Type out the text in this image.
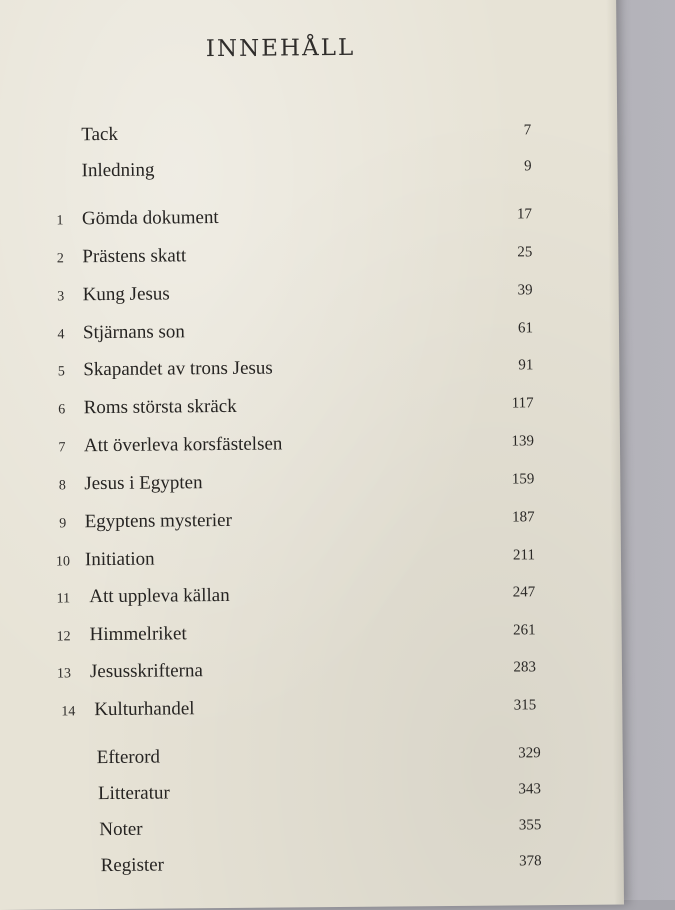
INNEHÅLL
Tack	7
Inledning	9
1 Gömda dokument	17
2 Prästens skatt	25
3 Kung Jesus	39
4 Stjärnans son	61
5 Skapandet av trons Jesus	91
6 Roms största skräck	117
7 Att överleva korsfästelsen	139
8 Jesus i Egypten	159
9 Egyptens mysterier	187
10 Initiation	211
11 Att uppleva källan	247
12 Himmelriket	261
13 Jesusskrifterna	283
14 Kulturhandel	315
Efterord	329
Litteratur	343
Noter	355
Register	378
